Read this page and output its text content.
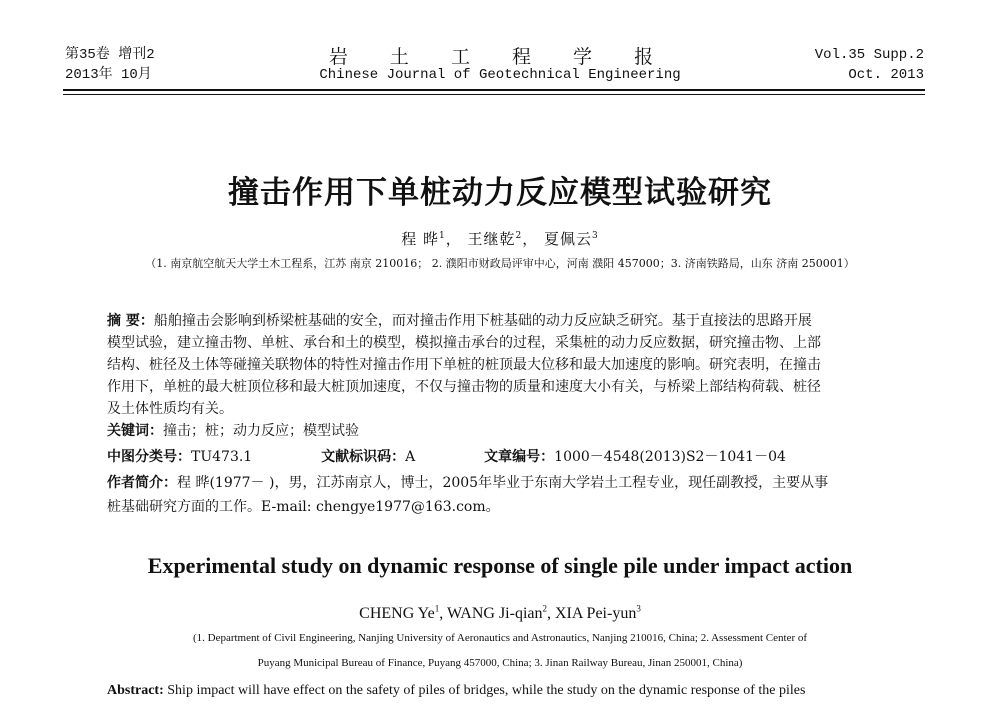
第35卷 增刊2
2013年 10月
岩 土 工 程 学 报
Chinese Journal of Geotechnical Engineering
Vol.35 Supp.2
Oct. 2013
撞击作用下单桩动力反应模型试验研究
程 晔$^1$， 王继乾$^2$， 夏佩云$^3$
（1. 南京航空航天大学土木工程系，江苏 南京 210016； 2. 濮阳市财政局评审中心，河南 濮阳 457000；3. 济南铁路局，山东 济南 250001）
摘 要：船舶撞击会影响到桥梁桩基础的安全，而对撞击作用下桩基础的动力反应缺乏研究。基于直接法的思路开展
模型试验，建立撞击物、单桩、承台和土的模型，模拟撞击承台的过程，采集桩的动力反应数据，研究撞击物、上部
结构、桩径及土体等碰撞关联物体的特性对撞击作用下单桩的桩顶最大位移和最大加速度的影响。研究表明，在撞击
作用下，单桩的最大桩顶位移和最大桩顶加速度，不仅与撞击物的质量和速度大小有关，与桥梁上部结构荷载、桩径
及土体性质均有关。
关键词：撞击；桩；动力反应；模型试验
中图分类号：TU473.1	文献标识码：A	文章编号：1000－4548(2013)S2－1041－04
作者简介：程 晔(1977－ )，男，江苏南京人，博士，2005年毕业于东南大学岩土工程专业，现任副教授，主要从事
桩基础研究方面的工作。E-mail: chengye1977@163.com。
Experimental study on dynamic response of single pile under impact action
CHENG Ye$^1$, WANG Ji-qian$^2$, XIA Pei-yun$^3$
(1. Department of Civil Engineering, Nanjing University of Aeronautics and Astronautics, Nanjing 210016, China; 2. Assessment Center of
Puyang Municipal Bureau of Finance, Puyang 457000, China; 3. Jinan Railway Bureau, Jinan 250001, China)
Abstract: Ship impact will have effect on the safety of piles of bridges, while the study on the dynamic response of the piles
